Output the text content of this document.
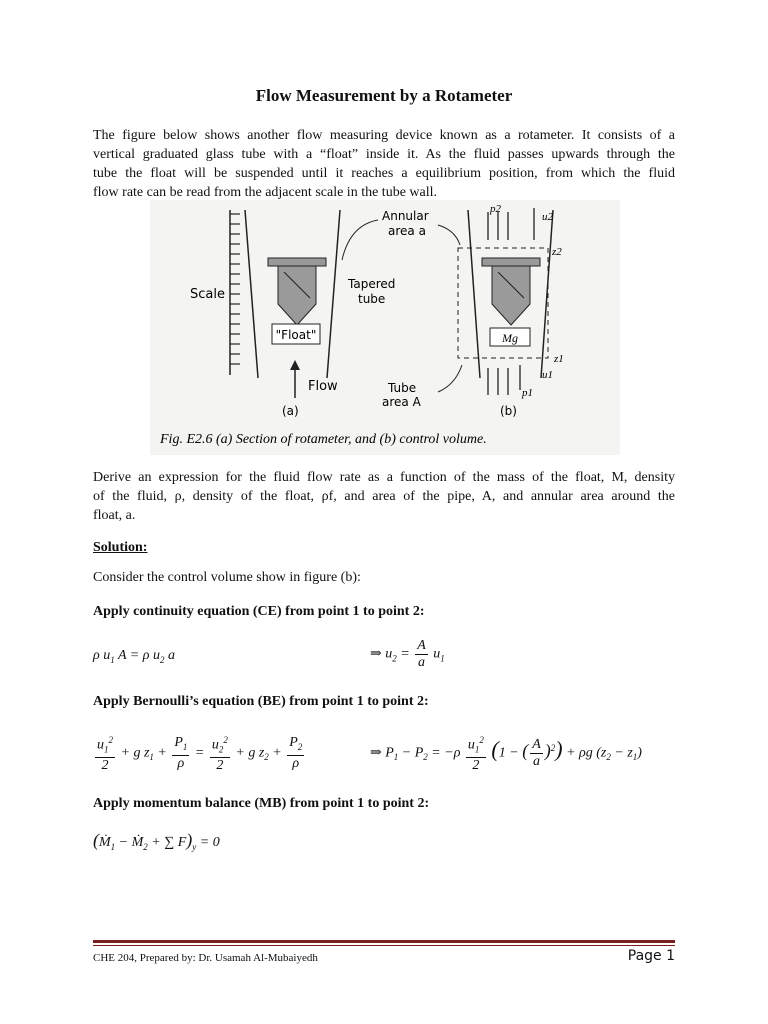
Flow Measurement by a Rotameter
The figure below shows another flow measuring device known as a rotameter. It consists of a
vertical graduated glass tube with a “float” inside it. As the fluid passes upwards through the
tube the float will be suspended until it reaches a equilibrium position, from which the fluid
flow rate can be read from the adjacent scale in the tube wall.
"Float"
Flow
Scale
Tapered
tube
Annular
area a
Tube
area A
(a)
Mg
p2
p1
u2
u1
z2
z1
(b)
Fig. E2.6 (a) Section of rotameter, and (b) control volume.
Derive an expression for the fluid flow rate as a function of the mass of the float, M, density
of the fluid, ρ, density of the float, ρf, and area of the pipe, A, and annular area around the
float, a.
Solution:
Consider the control volume show in figure (b):
Apply continuity equation (CE) from point 1 to point 2:
ρ $u_1$ A = ρ $u_2$ a	⇒ $u_2 = \frac{A}{a} u_1$
Apply Bernoulli’s equation (BE) from point 1 to point 2:
$\frac{u_1^2}{2} + g$ $z_1 + \frac{P_1}{\rho} = \frac{u_2^2}{2} + g$ $z_2 + \frac{P_2}{\rho}$	⇒ $P_1 - P_2 = -\rho \frac{u_1^2}{2} (1$ − ( $\frac{A}{a} )^2) + \rho g$ $(z_2 - z_1)$
Apply momentum balance (MB) from point 1 to point 2:
(Ṁ$_1$ − Ṁ$_2$ + ∑ $F)_y = 0$
CHE 204, Prepared by: Dr. Usamah Al-Mubaiyedh	Page 1
